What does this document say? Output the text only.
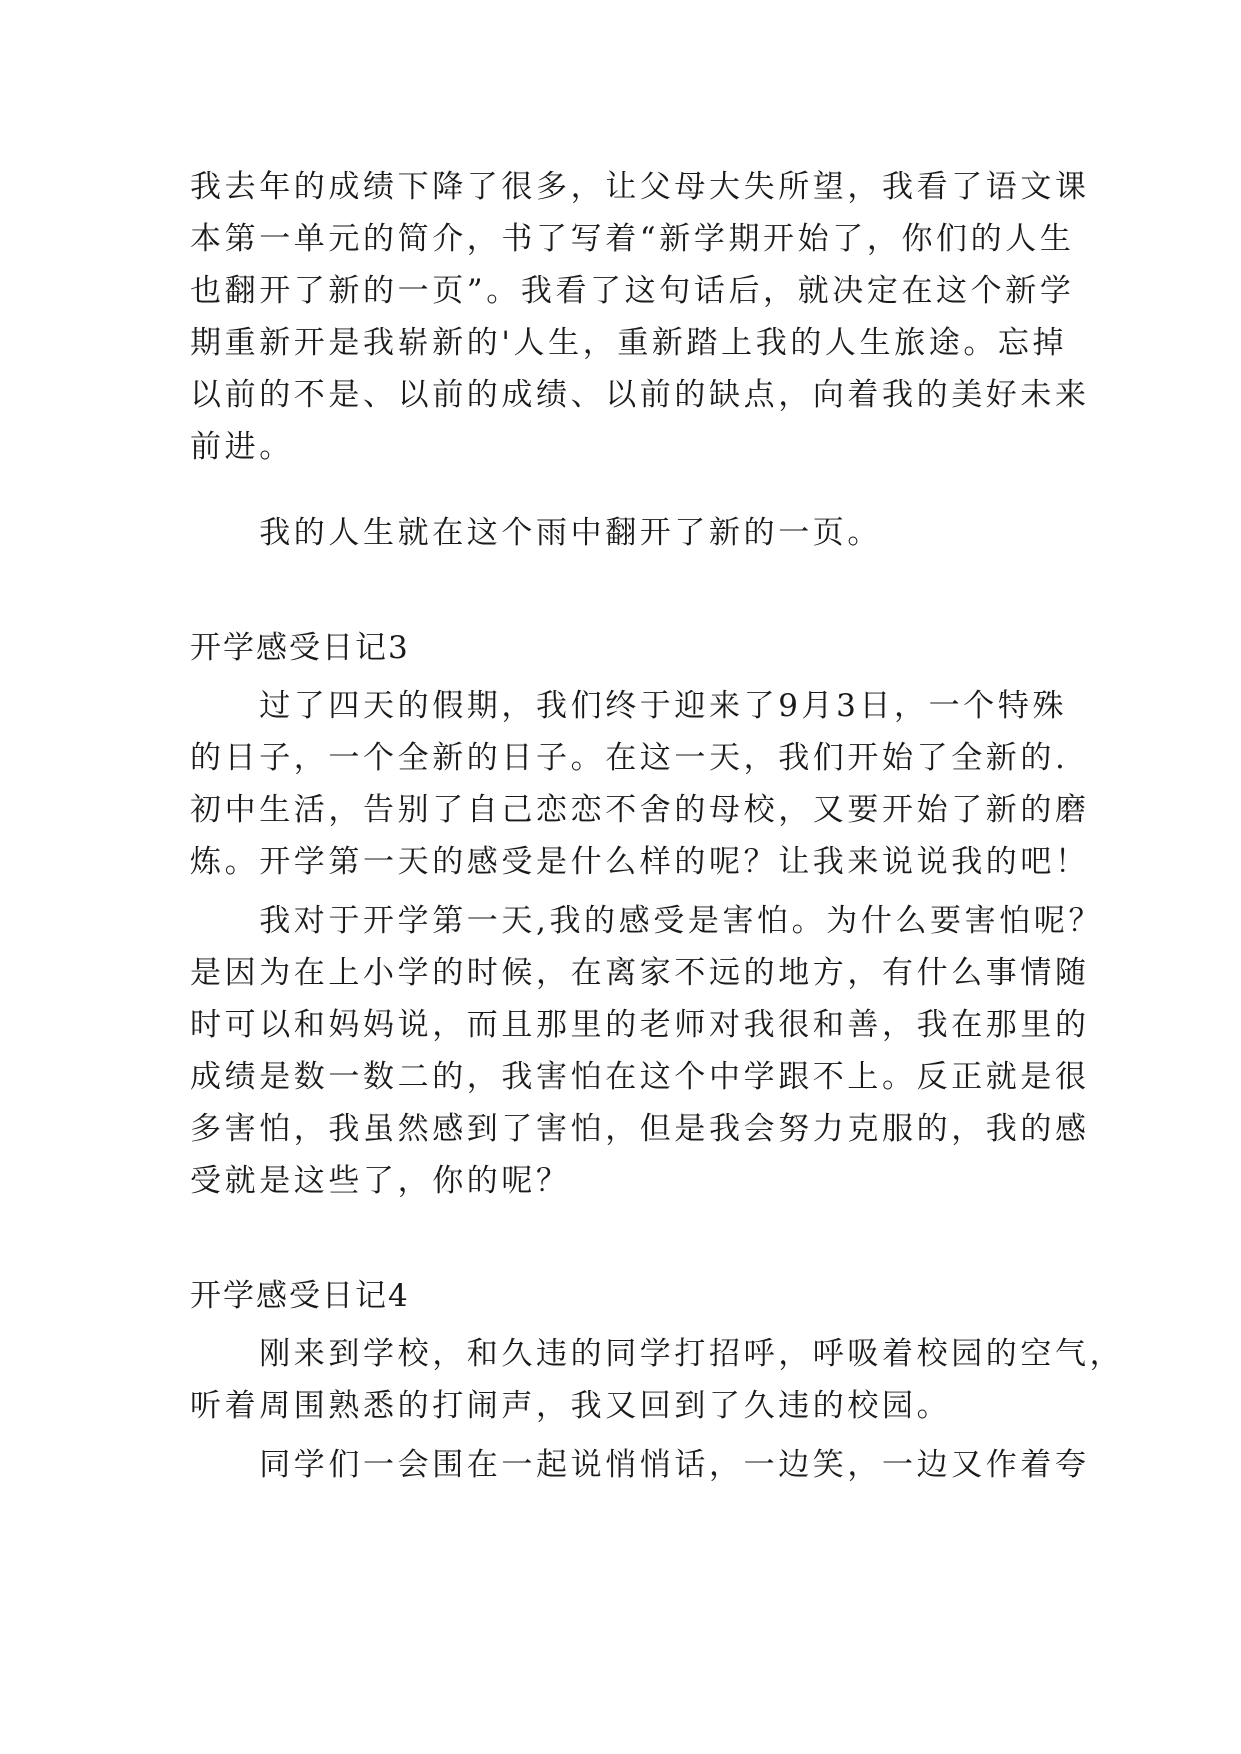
我去年的成绩下降了很多，让父母大失所望，我看了语文课
本第一单元的简介，书了写着“新学期开始了，你们的人生
也翻开了新的一页”。我看了这句话后，就决定在这个新学
期重新开是我崭新的'人生，重新踏上我的人生旅途。忘掉
以前的不是、以前的成绩、以前的缺点，向着我的美好未来
前进。
　　我的人生就在这个雨中翻开了新的一页。
开学感受日记3
　　过了四天的假期，我们终于迎来了9月3日，一个特殊
的日子，一个全新的日子。在这一天，我们开始了全新的.
初中生活，告别了自己恋恋不舍的母校，又要开始了新的磨
炼。开学第一天的感受是什么样的呢？让我来说说我的吧！
　　我对于开学第一天,我的感受是害怕。为什么要害怕呢？
是因为在上小学的时候，在离家不远的地方，有什么事情随
时可以和妈妈说，而且那里的老师对我很和善，我在那里的
成绩是数一数二的，我害怕在这个中学跟不上。反正就是很
多害怕，我虽然感到了害怕，但是我会努力克服的，我的感
受就是这些了，你的呢？
开学感受日记4
　　刚来到学校，和久违的同学打招呼，呼吸着校园的空气，
听着周围熟悉的打闹声，我又回到了久违的校园。
　　同学们一会围在一起说悄悄话，一边笑，一边又作着夸
